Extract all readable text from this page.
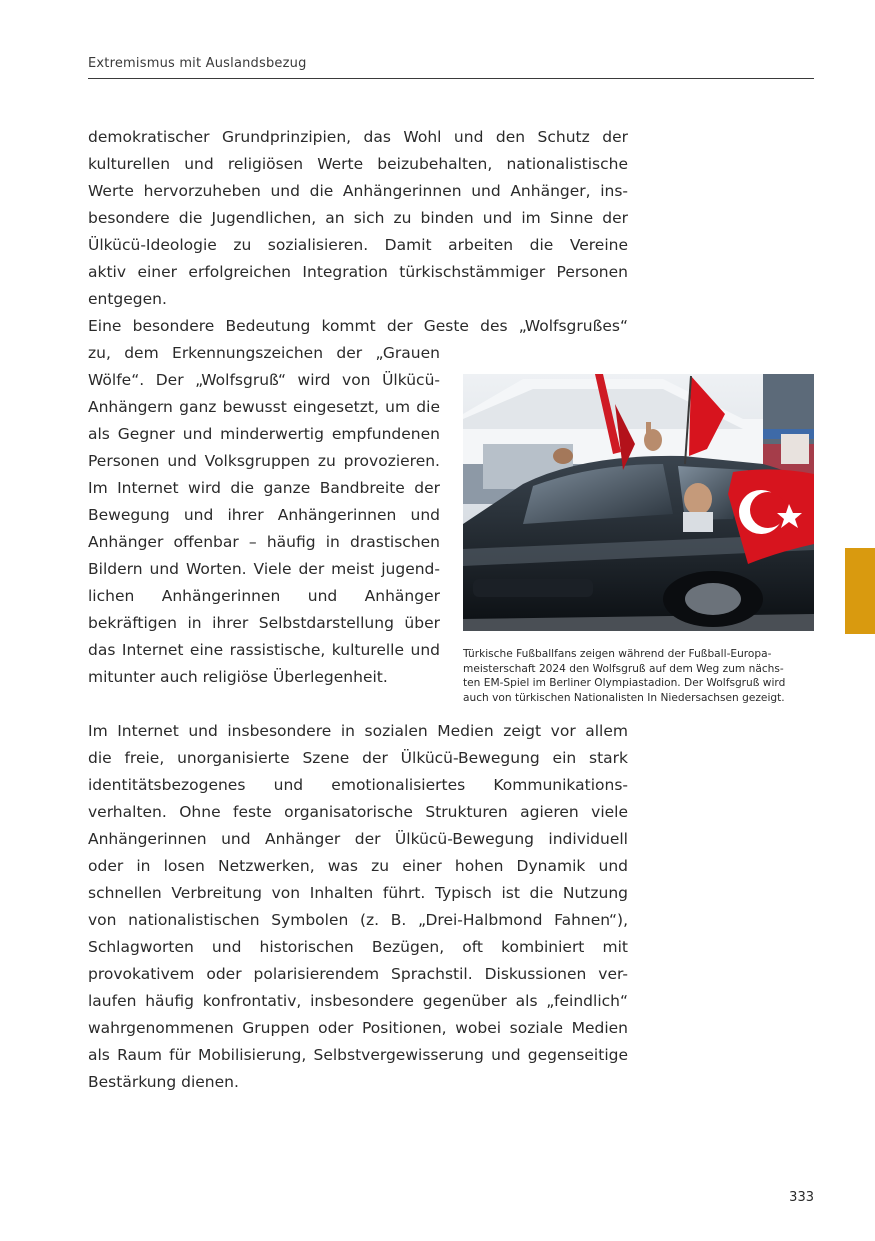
Extremismus mit Auslandsbezug
demokratischer Grundprinzipien, das Wohl und den Schutz der
kulturellen und religiösen Werte beizubehalten, nationalistische
Werte hervorzuheben und die Anhängerinnen und Anhänger, ins-
besondere die Jugendlichen, an sich zu binden und im Sinne der
Ülkücü-Ideologie zu sozialisieren. Damit arbeiten die Vereine
aktiv einer erfolgreichen Integration türkischstämmiger Personen
entgegen.
Eine besondere Bedeutung kommt der Geste des „Wolfsgrußes“
zu, dem Erkennungszeichen der „Grauen
Wölfe“. Der „Wolfsgruß“ wird von Ülkücü-
Anhängern ganz bewusst eingesetzt, um die
als Gegner und minderwertig empfundenen
Personen und Volksgruppen zu provozieren.
Im Internet wird die ganze Bandbreite der
Bewegung und ihrer Anhängerinnen und
Anhänger offenbar – häufig in drastischen
Bildern und Worten. Viele der meist jugend-
lichen Anhängerinnen und Anhänger
bekräftigen in ihrer Selbstdarstellung über
das Internet eine rassistische, kulturelle und
mitunter auch religiöse Überlegenheit.
Türkische Fußballfans zeigen während der Fußball-Europa-
meisterschaft 2024 den Wolfsgruß auf dem Weg zum nächs-
ten EM-Spiel im Berliner Olympiastadion. Der Wolfsgruß wird
auch von türkischen Nationalisten In Niedersachsen gezeigt.
Im Internet und insbesondere in sozialen Medien zeigt vor allem
die freie, unorganisierte Szene der Ülkücü-Bewegung ein stark
identitätsbezogenes und emotionalisiertes Kommunikations-
verhalten. Ohne feste organisatorische Strukturen agieren viele
Anhängerinnen und Anhänger der Ülkücü-Bewegung individuell
oder in losen Netzwerken, was zu einer hohen Dynamik und
schnellen Verbreitung von Inhalten führt. Typisch ist die Nutzung
von nationalistischen Symbolen (z. B. „Drei-Halbmond Fahnen“),
Schlagworten und historischen Bezügen, oft kombiniert mit
provokativem oder polarisierendem Sprachstil. Diskussionen ver-
laufen häufig konfrontativ, insbesondere gegenüber als „feindlich“
wahrgenommenen Gruppen oder Positionen, wobei soziale Medien
als Raum für Mobilisierung, Selbstvergewisserung und gegenseitige
Bestärkung dienen.
333
